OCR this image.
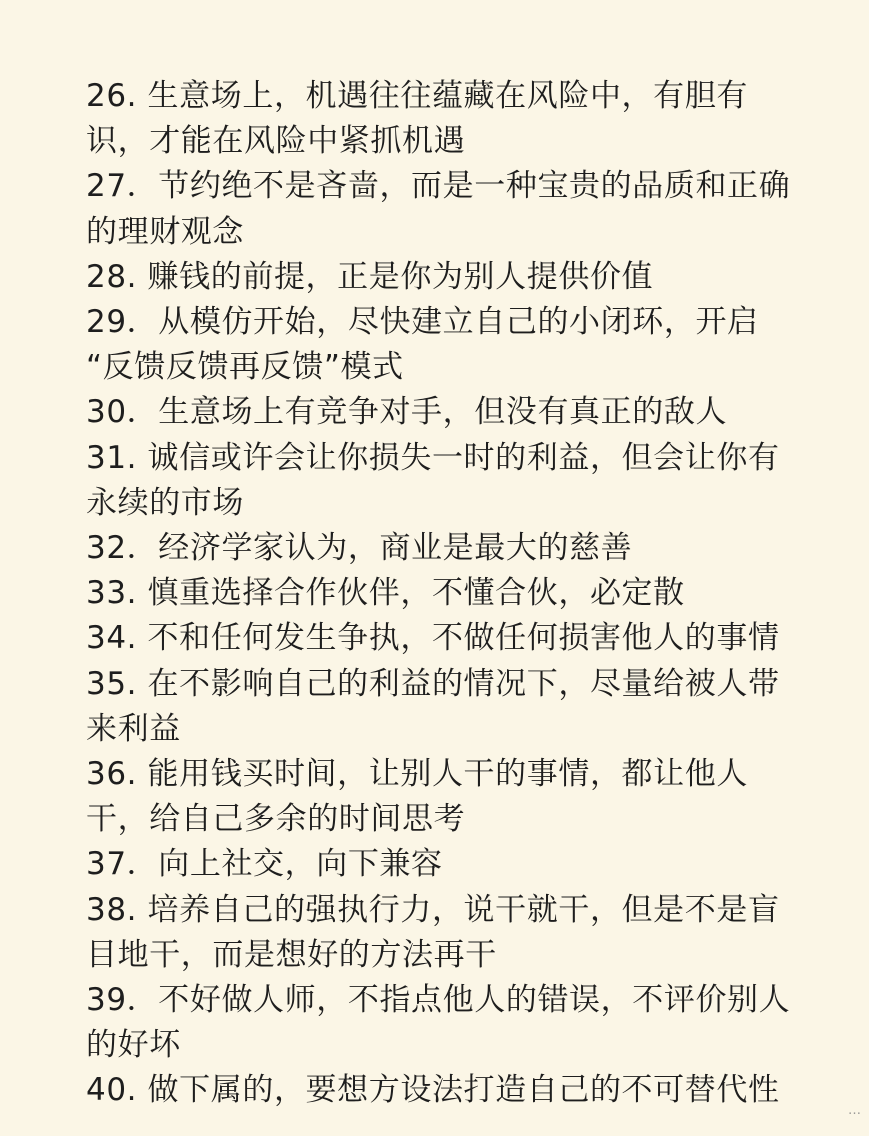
26. 生意场上，机遇往往蕴藏在风险中，有胆有
识，才能在风险中紧抓机遇
27．节约绝不是吝啬，而是一种宝贵的品质和正确
的理财观念
28. 赚钱的前提，正是你为别人提供价值
29．从模仿开始，尽快建立自己的小闭环，开启
“反馈反馈再反馈”模式
30．生意场上有竞争对手，但没有真正的敌人
31. 诚信或许会让你损失一时的利益，但会让你有
永续的市场
32．经济学家认为，商业是最大的慈善
33. 慎重选择合作伙伴，不懂合伙，必定散
34. 不和任何发生争执，不做任何损害他人的事情
35. 在不影响自己的利益的情况下，尽量给被人带
来利益
36. 能用钱买时间，让别人干的事情，都让他人
干，给自己多余的时间思考
37．向上社交，向下兼容
38. 培养自己的强执行力，说干就干，但是不是盲
目地干，而是想好的方法再干
39．不好做人师，不指点他人的错误，不评价别人
的好坏
40. 做下属的，要想方设法打造自己的不可替代性
…
